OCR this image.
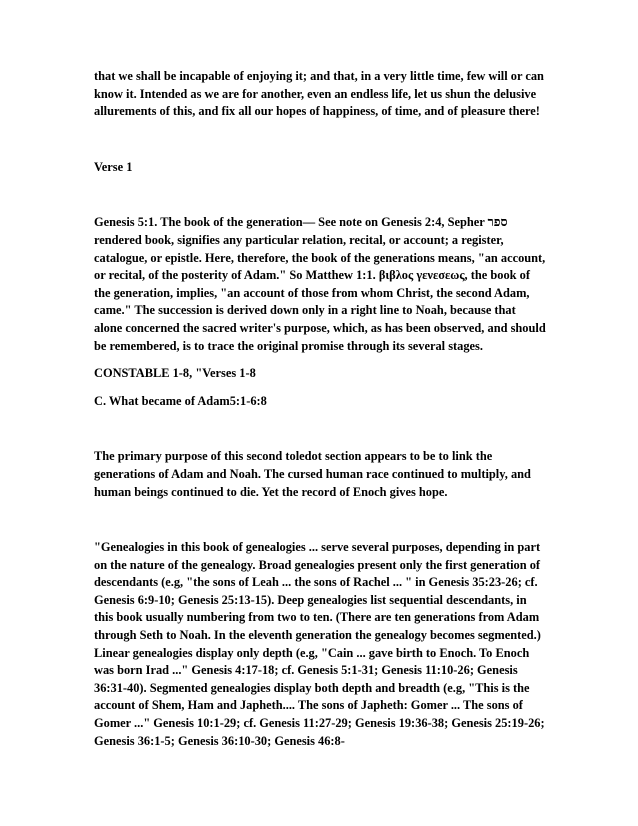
that we shall be incapable of enjoying it; and that, in a very little time, few will or can know it. Intended as we are for another, even an endless life, let us shun the delusive allurements of this, and fix all our hopes of happiness, of time, and of pleasure there!

Verse 1

Genesis 5:1. The book of the generation— See note on Genesis 2:4, Sepher ספר rendered book, signifies any particular relation, recital, or account; a register, catalogue, or epistle. Here, therefore, the book of the generations means, "an account, or recital, of the posterity of Adam." So Matthew 1:1. βιβλος γενεσεως, the book of the generation, implies, "an account of those from whom Christ, the second Adam, came." The succession is derived down only in a right line to Noah, because that alone concerned the sacred writer's purpose, which, as has been observed, and should be remembered, is to trace the original promise through its several stages.

CONSTABLE 1-8, "Verses 1-8

C. What became of Adam5:1-6:8

The primary purpose of this second toledot section appears to be to link the generations of Adam and Noah. The cursed human race continued to multiply, and human beings continued to die. Yet the record of Enoch gives hope.

"Genealogies in this book of genealogies ... serve several purposes, depending in part on the nature of the genealogy. Broad genealogies present only the first generation of descendants (e.g, "the sons of Leah ... the sons of Rachel ... " in Genesis 35:23-26; cf. Genesis 6:9-10; Genesis 25:13-15). Deep genealogies list sequential descendants, in this book usually numbering from two to ten. (There are ten generations from Adam through Seth to Noah. In the eleventh generation the genealogy becomes segmented.) Linear genealogies display only depth (e.g, "Cain ... gave birth to Enoch. To Enoch was born Irad ..." Genesis 4:17-18; cf. Genesis 5:1-31; Genesis 11:10-26; Genesis 36:31-40). Segmented genealogies display both depth and breadth (e.g, "This is the account of Shem, Ham and Japheth.... The sons of Japheth: Gomer ... The sons of Gomer ..." Genesis 10:1-29; cf. Genesis 11:27-29; Genesis 19:36-38; Genesis 25:19-26; Genesis 36:1-5; Genesis 36:10-30; Genesis 46:8-
